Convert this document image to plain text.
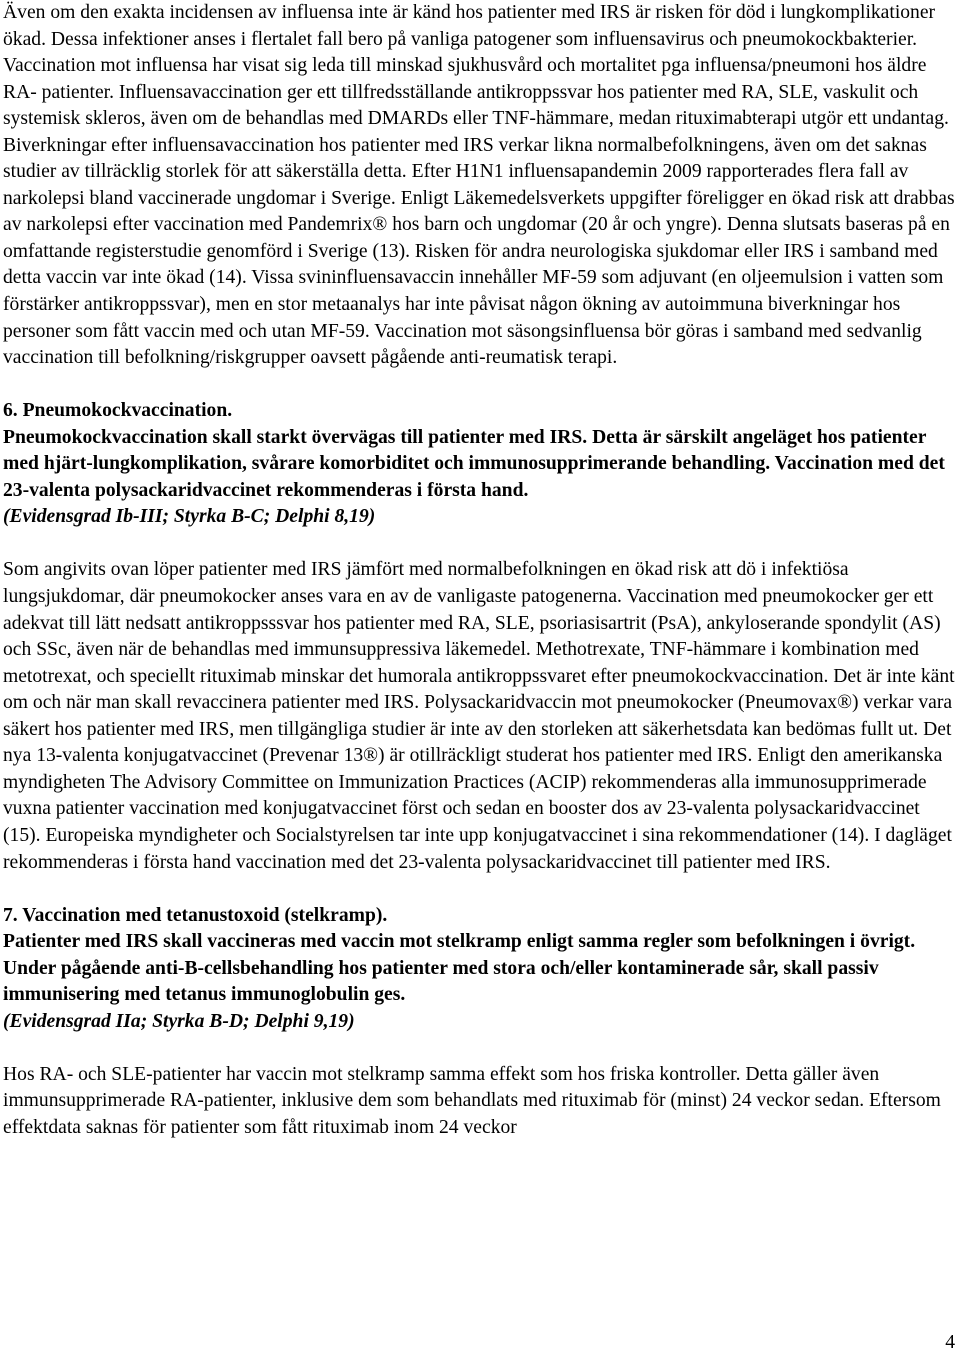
Även om den exakta incidensen av influensa inte är känd hos patienter med IRS är risken för död i lungkomplikationer ökad. Dessa infektioner anses i flertalet fall bero på vanliga patogener som influensavirus och pneumokockbakterier. Vaccination mot influensa har visat sig leda till minskad sjukhusvård och mortalitet pga influensa/pneumoni hos äldre RA- patienter. Influensavaccination ger ett tillfredsställande antikroppssvar hos patienter med RA, SLE, vaskulit och systemisk skleros, även om de behandlas med DMARDs eller TNF-hämmare, medan rituximabterapi utgör ett undantag. Biverkningar efter influensavaccination hos patienter med IRS verkar likna normalbefolkningens, även om det saknas studier av tillräcklig storlek för att säkerställa detta. Efter H1N1 influensapandemin 2009 rapporterades flera fall av narkolepsi bland vaccinerade ungdomar i Sverige. Enligt Läkemedelsverkets uppgifter föreligger en ökad risk att drabbas av narkolepsi efter vaccination med Pandemrix® hos barn och ungdomar (20 år och yngre). Denna slutsats baseras på en omfattande registerstudie genomförd i Sverige (13). Risken för andra neurologiska sjukdomar eller IRS i samband med detta vaccin var inte ökad (14). Vissa svininfluensavaccin innehåller MF-59 som adjuvant (en oljeemulsion i vatten som förstärker antikroppssvar), men en stor metaanalys har inte påvisat någon ökning av autoimmuna biverkningar hos personer som fått vaccin med och utan MF-59. Vaccination mot säsongsinfluensa bör göras i samband med sedvanlig vaccination till befolkning/riskgrupper oavsett pågående anti-reumatisk terapi.

6. Pneumokockvaccination.

Pneumokockvaccination skall starkt övervägas till patienter med IRS. Detta är särskilt angeläget hos patienter med hjärt-lungkomplikation, svårare komorbiditet och immunosupprimerande behandling. Vaccination med det 23-valenta polysackaridvaccinet rekommenderas i första hand.

(Evidensgrad Ib-III; Styrka B-C; Delphi 8,19)

Som angivits ovan löper patienter med IRS jämfört med normalbefolkningen en ökad risk att dö i infektiösa lungsjukdomar, där pneumokocker anses vara en av de vanligaste patogenerna. Vaccination med pneumokocker ger ett adekvat till lätt nedsatt antikroppsssvar hos patienter med RA, SLE, psoriasisartrit (PsA), ankyloserande spondylit (AS) och SSc, även när de behandlas med immunsuppressiva läkemedel. Methotrexate, TNF-hämmare i kombination med metotrexat, och speciellt rituximab minskar det humorala antikroppssvaret efter pneumokockvaccination. Det är inte känt om och när man skall revaccinera patienter med IRS. Polysackaridvaccin mot pneumokocker (Pneumovax®) verkar vara säkert hos patienter med IRS, men tillgängliga studier är inte av den storleken att säkerhetsdata kan bedömas fullt ut. Det nya 13-valenta konjugatvaccinet (Prevenar 13®) är otillräckligt studerat hos patienter med IRS. Enligt den amerikanska myndigheten The Advisory Committee on Immunization Practices (ACIP) rekommenderas alla immunosupprimerade vuxna patienter vaccination med konjugatvaccinet först och sedan en booster dos av 23-valenta polysackaridvaccinet (15). Europeiska myndigheter och Socialstyrelsen tar inte upp konjugatvaccinet i sina rekommendationer (14). I dagläget rekommenderas i första hand vaccination med det 23-valenta polysackaridvaccinet till patienter med IRS.

7. Vaccination med tetanustoxoid (stelkramp).

Patienter med IRS skall vaccineras med vaccin mot stelkramp enligt samma regler som befolkningen i övrigt. Under pågående anti-B-cellsbehandling hos patienter med stora och/eller kontaminerade sår, skall passiv immunisering med tetanus immunoglobulin ges.

(Evidensgrad IIa; Styrka B-D; Delphi 9,19)

Hos RA- och SLE-patienter har vaccin mot stelkramp samma effekt som hos friska kontroller. Detta gäller även immunsupprimerade RA-patienter, inklusive dem som behandlats med rituximab för (minst) 24 veckor sedan. Eftersom effektdata saknas för patienter som fått rituximab inom 24 veckor

4
